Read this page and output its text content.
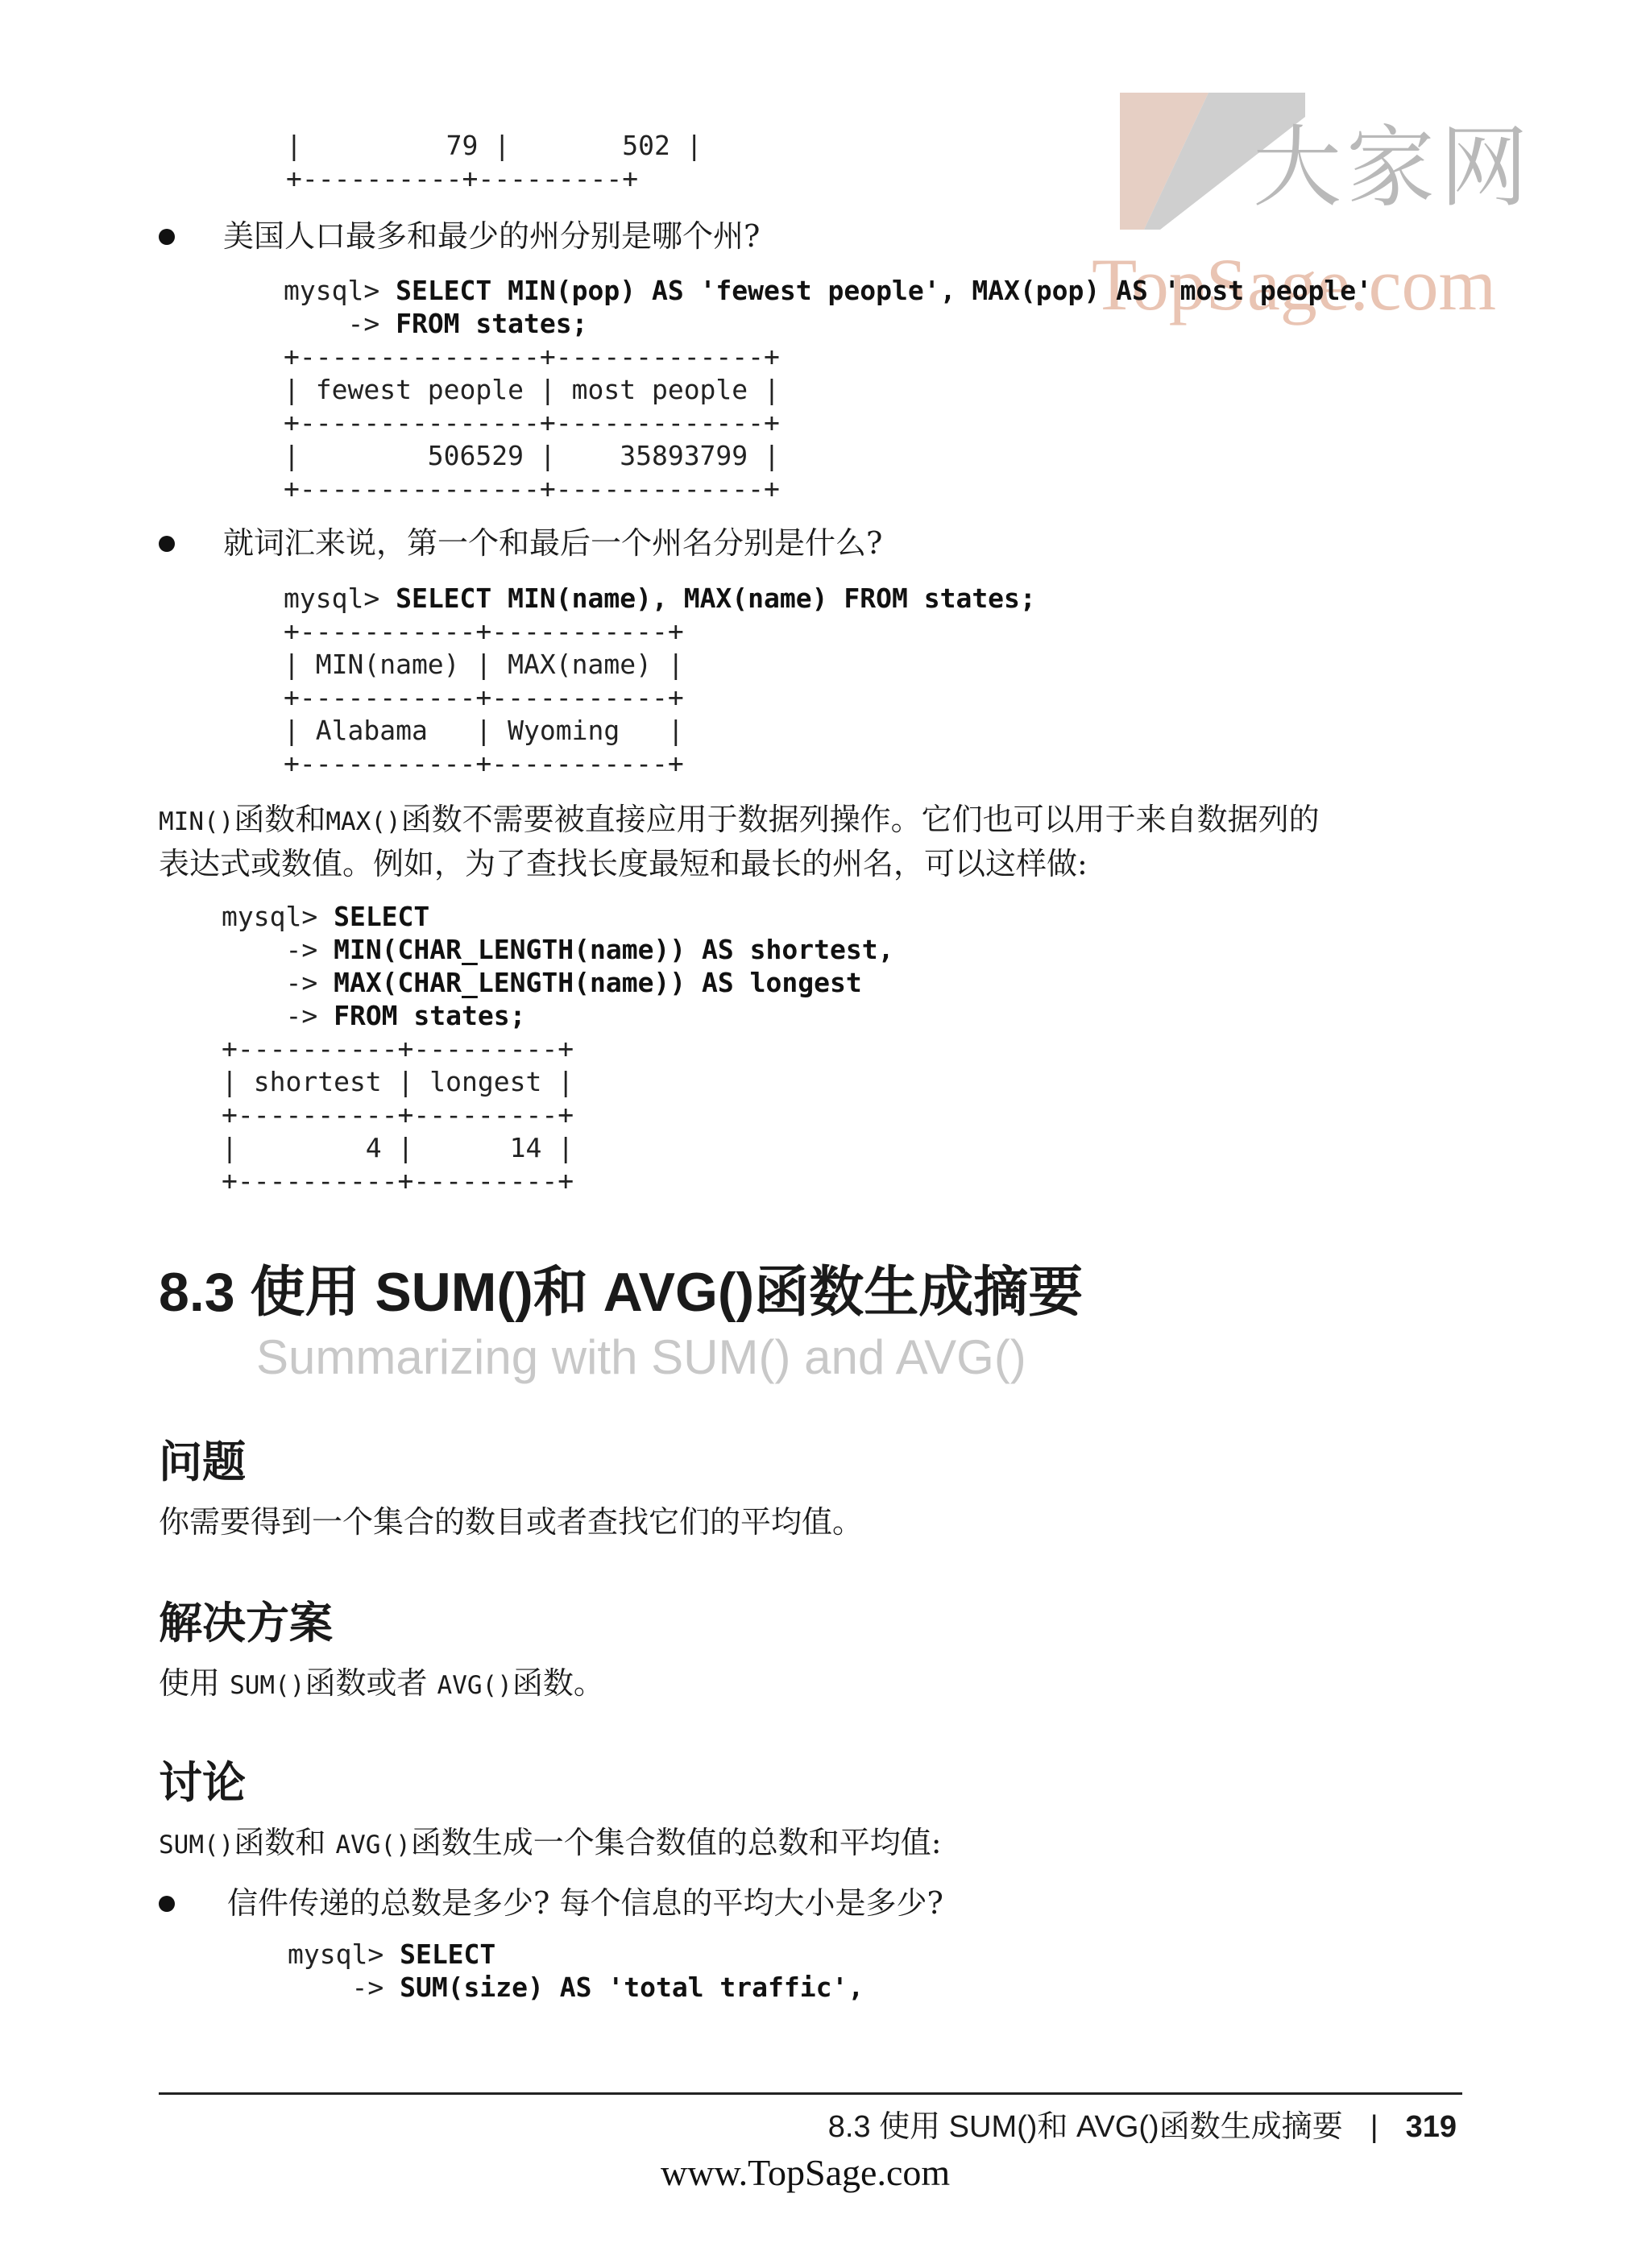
大家网
TopSage.com
|         79 |       502 |
+----------+---------+
美国人口最多和最少的州分别是哪个州?
mysql> SELECT MIN(pop) AS 'fewest people', MAX(pop) AS 'most people'
-> FROM states;
+---------------+-------------+
| fewest people | most people |
+---------------+-------------+
|        506529 |    35893799 |
+---------------+-------------+
就词汇来说，第一个和最后一个州名分别是什么?
mysql> SELECT MIN(name), MAX(name) FROM states;
+-----------+-----------+
| MIN(name) | MAX(name) |
+-----------+-----------+
| Alabama   | Wyoming   |
+-----------+-----------+
MIN()函数和MAX()函数不需要被直接应用于数据列操作。它们也可以用于来自数据列的
表达式或数值。例如，为了查找长度最短和最长的州名，可以这样做:
mysql> SELECT
-> MIN(CHAR_LENGTH(name)) AS shortest,
-> MAX(CHAR_LENGTH(name)) AS longest
-> FROM states;
+----------+---------+
| shortest | longest |
+----------+---------+
|        4 |      14 |
+----------+---------+
8.3 使用 SUM()和 AVG()函数生成摘要
Summarizing with SUM() and AVG()
问题
你需要得到一个集合的数目或者查找它们的平均值。
解决方案
使用 SUM()函数或者 AVG()函数。
讨论
SUM()函数和 AVG()函数生成一个集合数值的总数和平均值:
信件传递的总数是多少? 每个信息的平均大小是多少?
mysql> SELECT
-> SUM(size) AS 'total traffic',
8.3 使用 SUM()和 AVG()函数生成摘要 | 319
www.TopSage.com
